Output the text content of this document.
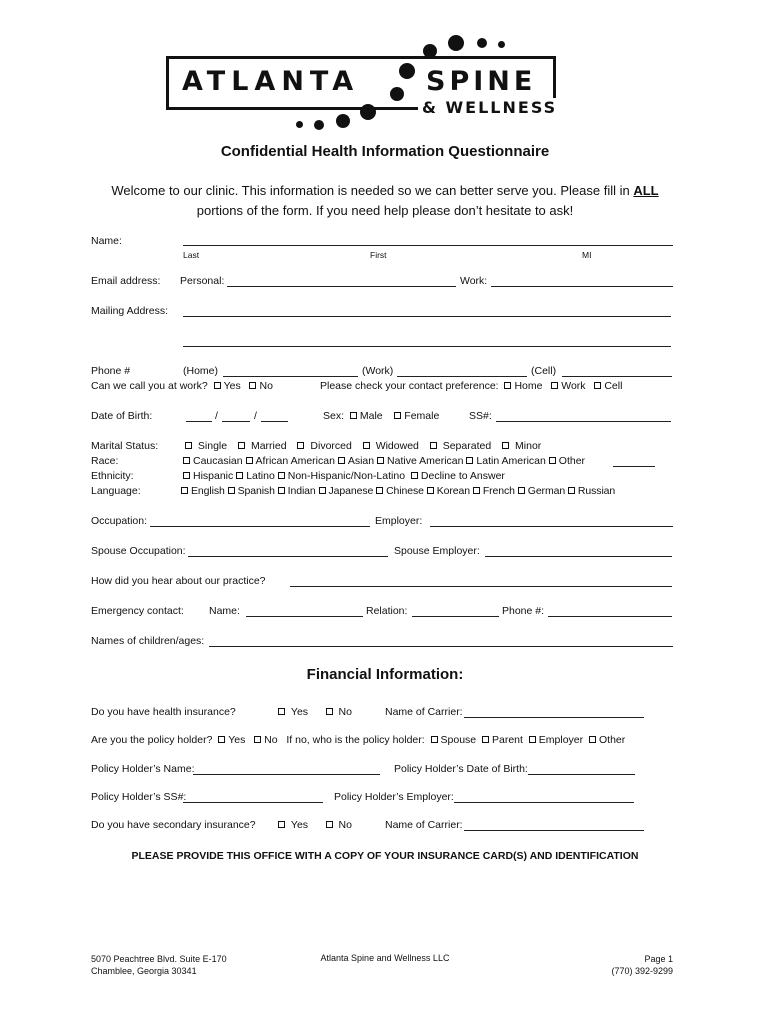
ATLANTA SPINE
& WELLNESS
Confidential Health Information Questionnaire
Welcome to our clinic. This information is needed so we can better serve you. Please fill in ALL
portions of the form. If you need help please don’t hesitate to ask!
Name:
Last	First	MI
Email address: Personal:	Work:
Mailing Address:
Phone #	(Home)	(Work)	(Cell)
Can we call you at work? Yes No	Please check your contact preference: Home Work Cell
Date of Birth:	/	/	Sex: Male Female	SS#:
Marital Status:	Single Married Divorced Widowed Separated Minor
Race:	Caucasian African American Asian Native American Latin American Other
Ethnicity:	Hispanic Latino Non-Hispanic/Non-Latino Decline to Answer
Language:	English Spanish Indian Japanese Chinese Korean French German Russian
Occupation:	Employer:
Spouse Occupation:	Spouse Employer:
How did you hear about our practice?
Emergency contact: Name:	Relation:	Phone #:
Names of children/ages:
Financial Information:
Do you have health insurance?	Yes	No	Name of Carrier:
Are you the policy holder? Yes No If no, who is the policy holder: Spouse Parent Employer Other
Policy Holder’s Name:	Policy Holder’s Date of Birth:
Policy Holder’s SS#:	Policy Holder’s Employer:
Do you have secondary insurance?	Yes	No	Name of Carrier:
PLEASE PROVIDE THIS OFFICE WITH A COPY OF YOUR INSURANCE CARD(S) AND IDENTIFICATION
5070 Peachtree Blvd. Suite E-170
Chamblee, Georgia 30341
Atlanta Spine and Wellness LLC	Page 1
(770) 392-9299
